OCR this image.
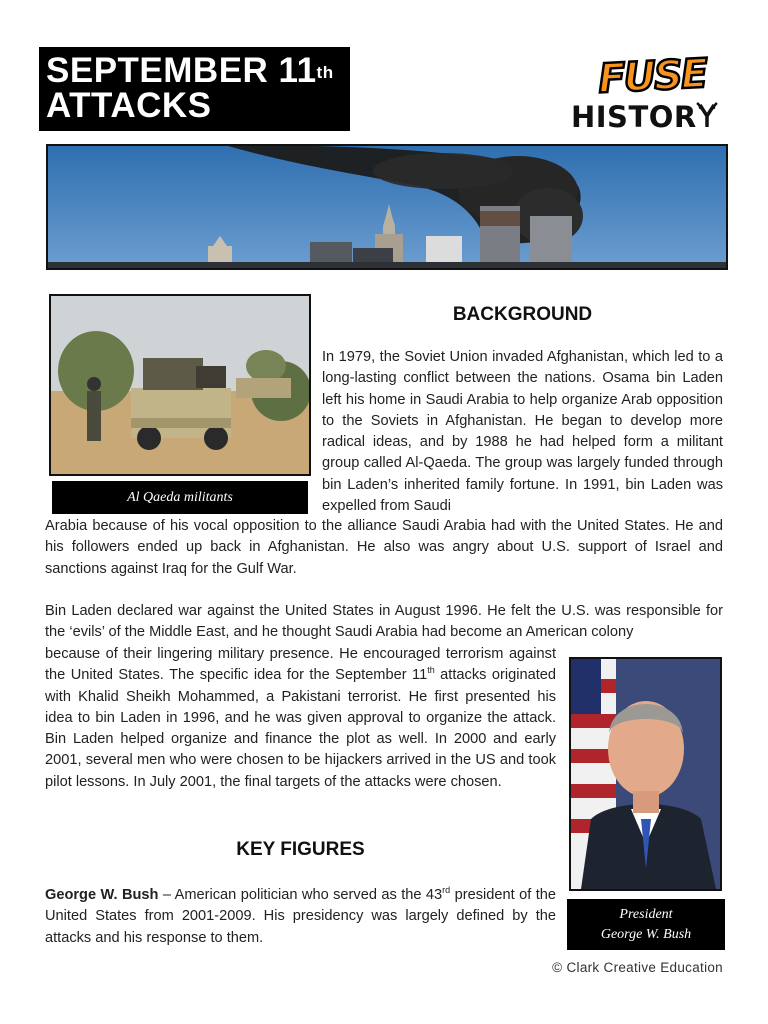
SEPTEMBER 11th
ATTACKS
FUSE
HISTOR
Al Qaeda militants
BACKGROUND

In 1979, the Soviet Union invaded Afghanistan, which led to a long-lasting conflict between the nations. Osama bin Laden left his home in Saudi Arabia to help organize Arab opposition to the Soviets in Afghanistan. He began to develop more radical ideas, and by 1988 he had helped form a militant group called Al-Qaeda. The group was largely funded through bin Laden’s inherited family fortune. In 1991, bin Laden was expelled from Saudi

Arabia because of his vocal opposition to the alliance Saudi Arabia had with the United States. He and his followers ended up back in Afghanistan. He also was angry about U.S. support of Israel and sanctions against Iraq for the Gulf War.

Bin Laden declared war against the United States in August 1996. He felt the U.S. was responsible for the ‘evils’ of the Middle East, and he thought Saudi Arabia had become an American colony

because of their lingering military presence. He encouraged terrorism against the United States. The specific idea for the September 11th attacks originated with Khalid Sheikh Mohammed, a Pakistani terrorist. He first presented his idea to bin Laden in 1996, and he was given approval to organize the attack. Bin Laden helped organize and finance the plot as well. In 2000 and early 2001, several men who were chosen to be hijackers arrived in the US and took pilot lessons. In July 2001, the final targets of the attacks were chosen.

President
George W. Bush
KEY FIGURES

George W. Bush – American politician who served as the 43rd president of the United States from 2001-2009. His presidency was largely defined by the attacks and his response to them.

© Clark Creative Education
